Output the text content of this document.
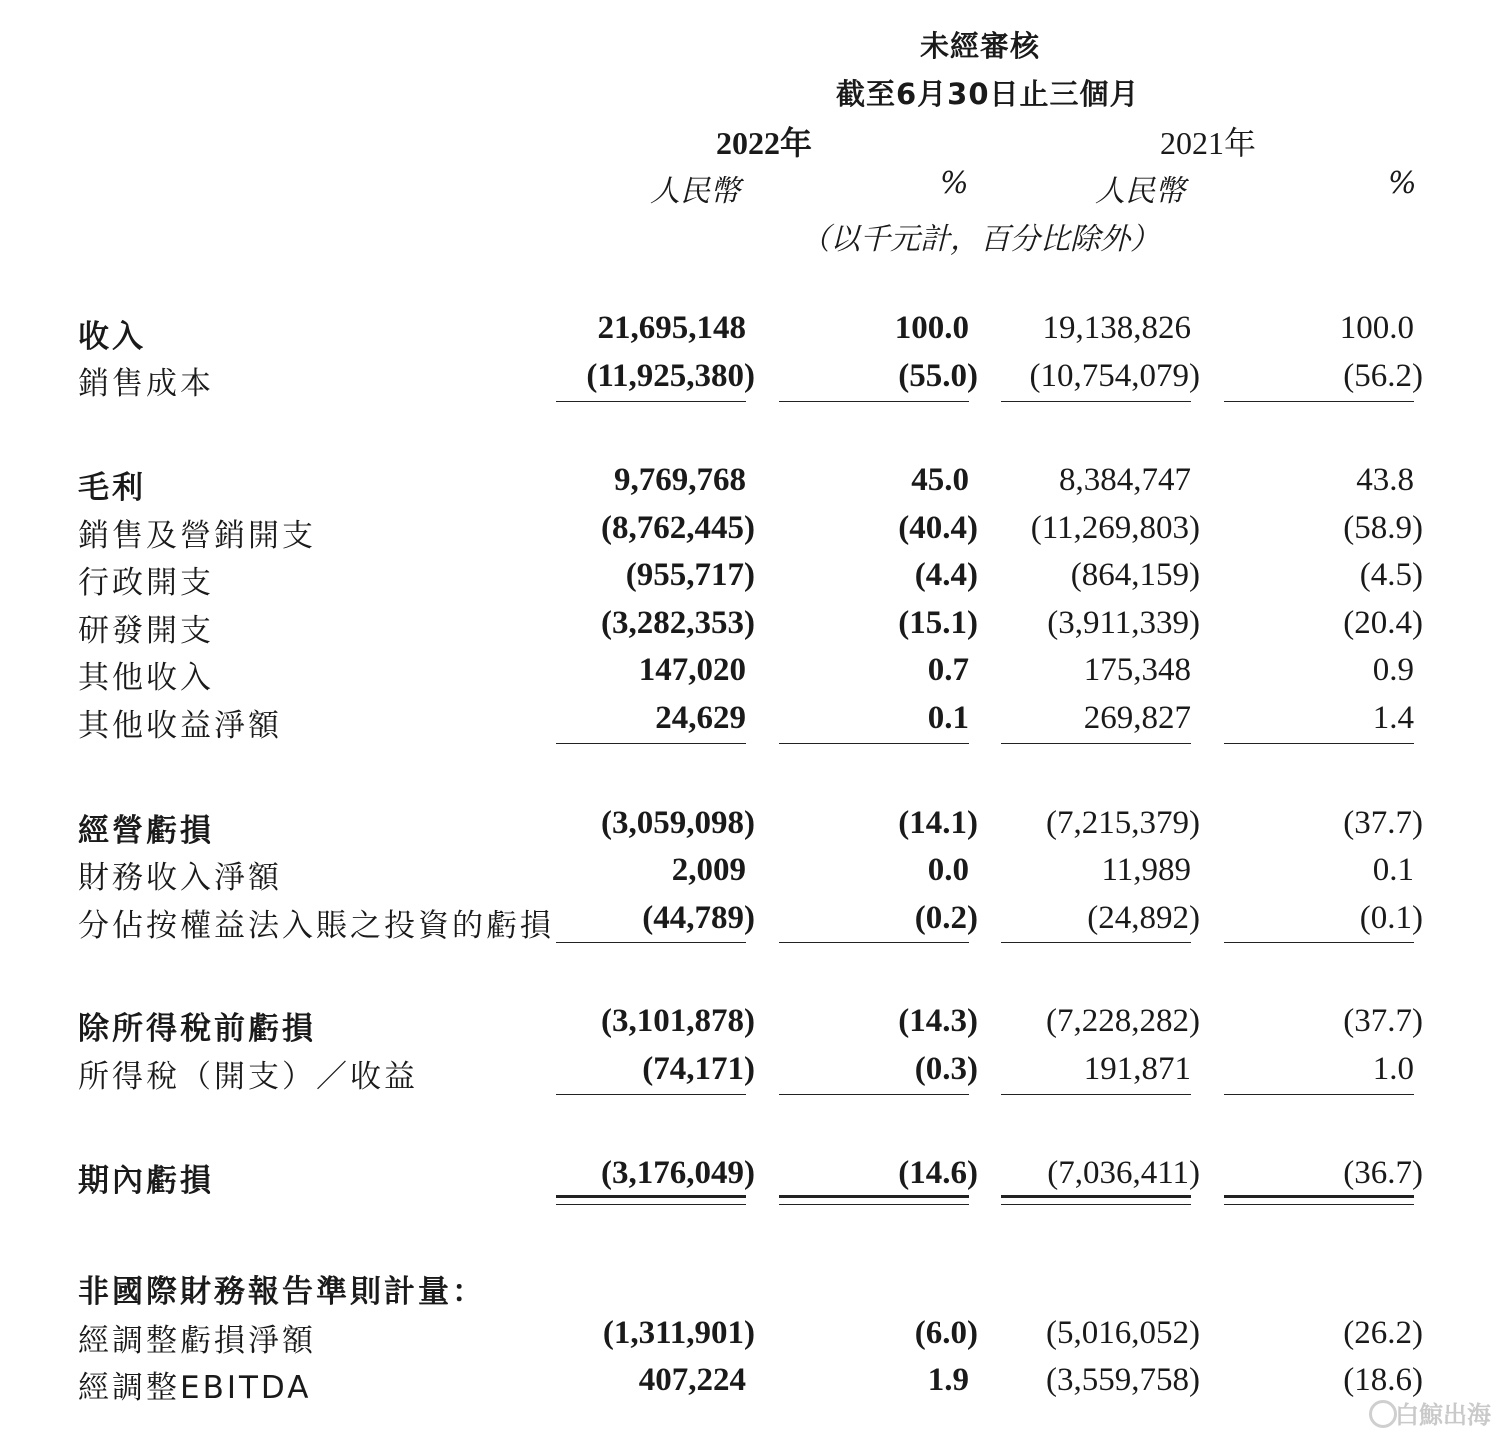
未經審核
截至6月30日止三個月
2022年	2021年
人民幣	%	人民幣	%
（以千元計，百分比除外）
收入	21,695,148	100.0 19,138,826	100.0
銷售成本	(11,925,380)	(55.0) (10,754,079)	(56.2)
毛利	9,769,768	45.0	8,384,747	43.8
銷售及營銷開支	(8,762,445)	(40.4) (11,269,803)	(58.9)
行政開支	(955,717)	(4.4)	(864,159)	(4.5)
研發開支	(3,282,353)	(15.1) (3,911,339)	(20.4)
其他收入	147,020	0.7	175,348	0.9
其他收益淨額	24,629	0.1	269,827	1.4
經營虧損	(3,059,098)	(14.1) (7,215,379)	(37.7)
財務收入淨額	2,009	0.0	11,989	0.1
分佔按權益法入賬之投資的虧損	(44,789)	(0.2)	(24,892)	(0.1)
除所得稅前虧損	(3,101,878)	(14.3) (7,228,282)	(37.7)
所得稅（開支）／收益	(74,171)	(0.3)	191,871	1.0
期內虧損	(3,176,049)	(14.6) (7,036,411)	(36.7)
非國際財務報告準則計量：
經調整虧損淨額	(1,311,901)	(6.0) (5,016,052)	(26.2)
經調整EBITDA	407,224	1.9 (3,559,758)	(18.6)
白鯨出海
